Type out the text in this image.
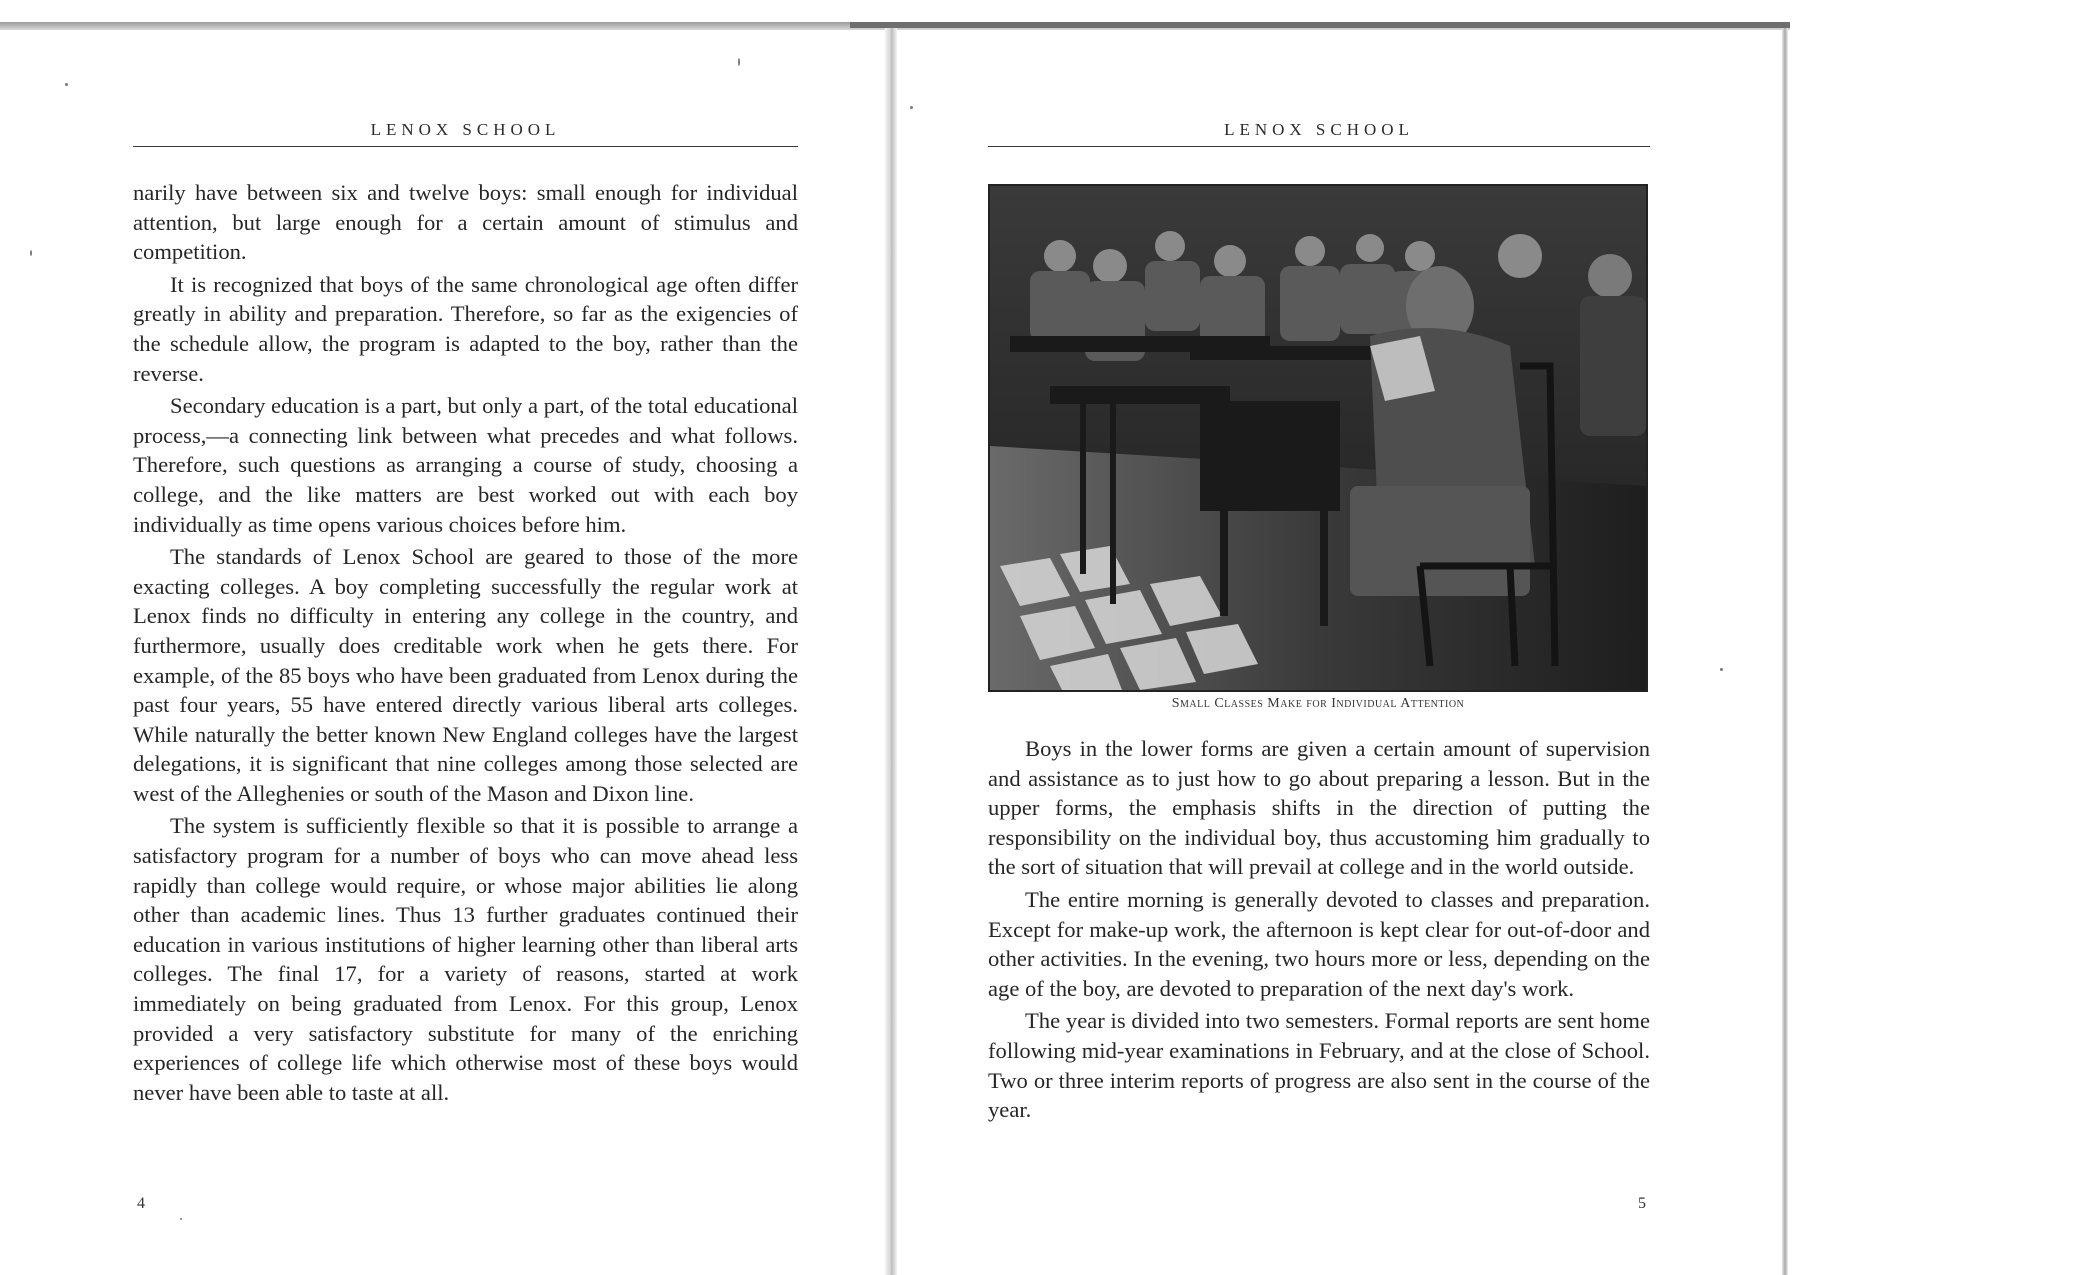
LENOX SCHOOL

narily have between six and twelve boys: small enough for individual attention, but large enough for a certain amount of stimulus and competition.

It is recognized that boys of the same chronological age often differ greatly in ability and preparation. Therefore, so far as the exigencies of the schedule allow, the program is adapted to the boy, rather than the reverse.

Secondary education is a part, but only a part, of the total educational process,—a connecting link between what precedes and what follows. Therefore, such questions as arranging a course of study, choosing a college, and the like matters are best worked out with each boy individually as time opens various choices before him.

The standards of Lenox School are geared to those of the more exacting colleges. A boy completing successfully the regular work at Lenox finds no difficulty in entering any college in the country, and furthermore, usually does creditable work when he gets there. For example, of the 85 boys who have been graduated from Lenox during the past four years, 55 have entered directly various liberal arts colleges. While naturally the better known New England colleges have the largest delegations, it is significant that nine colleges among those selected are west of the Alleghenies or south of the Mason and Dixon line.

The system is sufficiently flexible so that it is possible to arrange a satisfactory program for a number of boys who can move ahead less rapidly than college would require, or whose major abilities lie along other than academic lines. Thus 13 further graduates continued their education in various institutions of higher learning other than liberal arts colleges. The final 17, for a variety of reasons, started at work immediately on being graduated from Lenox. For this group, Lenox provided a very satisfactory substitute for many of the enriching experiences of college life which otherwise most of these boys would never have been able to taste at all.

4
LENOX SCHOOL
Small Classes Make for Individual Attention

Boys in the lower forms are given a certain amount of supervision and assistance as to just how to go about preparing a lesson. But in the upper forms, the emphasis shifts in the direction of putting the responsibility on the individual boy, thus accustoming him gradually to the sort of situation that will prevail at college and in the world outside.

The entire morning is generally devoted to classes and preparation. Except for make-up work, the afternoon is kept clear for out-of-door and other activities. In the evening, two hours more or less, depending on the age of the boy, are devoted to preparation of the next day's work.

The year is divided into two semesters. Formal reports are sent home following mid-year examinations in February, and at the close of School. Two or three interim reports of progress are also sent in the course of the year.

5
